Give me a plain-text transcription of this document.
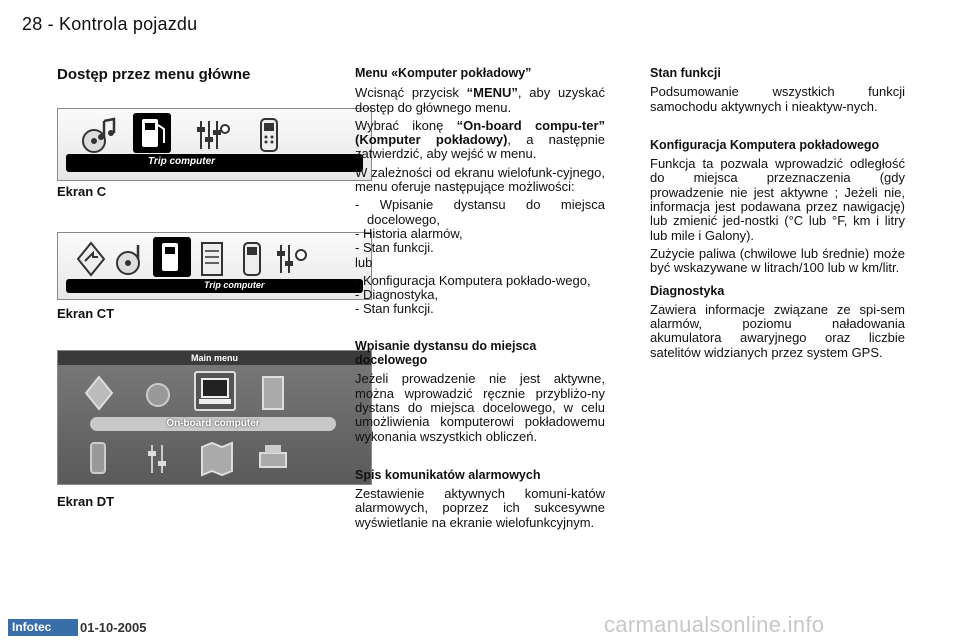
28 - Kontrola pojazdu
Dostęp przez menu główne
Trip computer
Ekran C
Trip computer
Ekran CT
Main menu
On-board computer
Ekran DT

Menu «Komputer pokładowy”

Wcisnąć przycisk “MENU”, aby uzyskać dostęp do głównego menu.

Wybrać ikonę “On-board compu-ter” (Komputer pokładowy), a następnie zatwierdzić, aby wejść w menu.

W zależności od ekranu wielofunk-cyjnego, menu oferuje następujące możliwości:

- Wpisanie dystansu do miejsca docelowego,

- Historia alarmów,

- Stan funkcji.

lub

- Konfiguracja Komputera pokłado-wego,

- Diagnostyka,

- Stan funkcji.

Wpisanie dystansu do miejsca docelowego

Jeżeli prowadzenie nie jest aktywne, można wprowadzić ręcznie przybliżo-ny dystans do miejsca docelowego, w celu umożliwienia komputerowi pokładowemu wykonania wszystkich obliczeń.

Spis komunikatów alarmowych

Zestawienie aktywnych komuni-katów alarmowych, poprzez ich sukcesywne wyświetlanie na ekranie wielofunkcyjnym.

Stan funkcji

Podsumowanie wszystkich funkcji samochodu aktywnych i nieaktyw-nych.

Konfiguracja Komputera pokładowego

Funkcja ta pozwala wprowadzić odległość do miejsca przeznaczenia (gdy prowadzenie nie jest aktywne ; Jeżeli nie, informacja jest podawana przez nawigację) lub zmienić jed-nostki (°C lub °F, km i litry lub mile i Galony).

Zużycie paliwa (chwilowe lub średnie) może być wskazywane w litrach/100 lub w km/litr.

Diagnostyka

Zawiera informacje związane ze spi-sem alarmów, poziomu naładowania akumulatora awaryjnego oraz liczbie satelitów widzianych przez system GPS.

Infotec	01-10-2005	carmanualsonline.info
